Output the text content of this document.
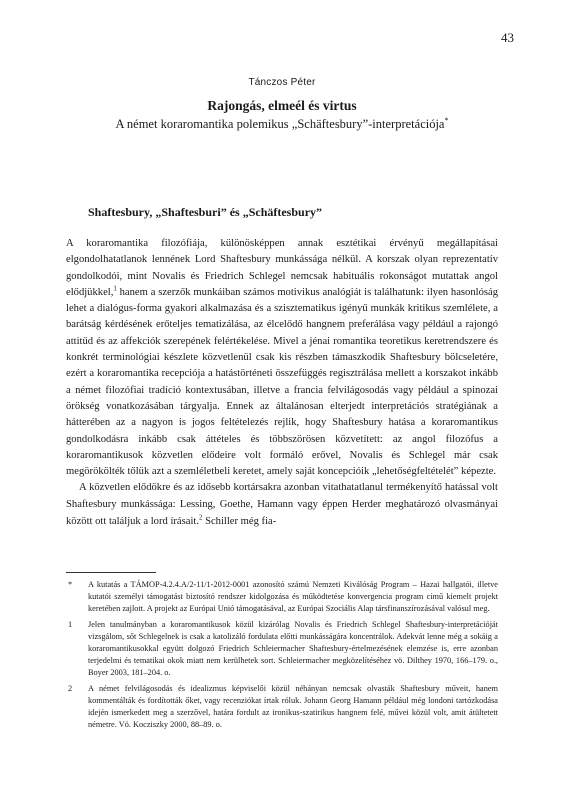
43
Tánczos Péter
Rajongás, elmeél és virtus
A német koraromantika polemikus „Schäftesbury”-interpretációja*
Shaftesbury, „Shaftesburi” és „Schäftesbury”

A koraromantika filozófiája, különösképpen annak esztétikai érvényű megállapításai elgondolhatatlanok lennének Lord Shaftesbury munkássága nélkül. A korszak olyan reprezentatív gondolkodói, mint Novalis és Friedrich Schlegel nemcsak habituális rokonságot mutattak angol elődjükkel,$^1$ hanem a szerzők munkáiban számos motivikus analógiát is találhatunk: ilyen hasonlóság lehet a dialógus-forma gyakori alkalmazása és a szisztematikus igényű munkák kritikus szemlélete, a barátság kérdésének erőteljes tematizálása, az élcelődő hangnem preferálása vagy például a rajongó attitűd és az affekciók szerepének felértékelése. Mivel a jénai romantika teoretikus keretrendszere és konkrét terminológiai készlete közvetlenül csak kis részben támaszkodik Shaftesbury bölcseletére, ezért a koraromantika recepciója a hatástörténeti összefüggés regisztrálása mellett a korszakot inkább a német filozófiai tradíció kontextusában, illetve a francia felvilágosodás vagy például a spinozai örökség vonatkozásában tárgyalja. Ennek az általánosan elterjedt interpretációs stratégiának a hátterében az a nagyon is jogos feltételezés rejlik, hogy Shaftesbury hatása a koraromantikus gondolkodásra inkább csak áttételes és többszörösen közvetített: az angol filozófus a koraromantikusok közvetlen elődeire volt formáló erővel, Novalis és Schlegel már csak megörökölték tőlük azt a szemléletbeli keretet, amely saját koncepcióik „lehetőségfeltételét” képezte.

A közvetlen elődökre és az idősebb kortársakra azonban vitathatatlanul termékenyítő hatással volt Shaftesbury munkássága: Lessing, Goethe, Hamann vagy éppen Herder meghatározó olvasmányai között ott találjuk a lord írásait.$^2$ Schiller még fia-

*	A kutatás a TÁMOP-4.2.4.A/2-11/1-2012-0001 azonosító számú Nemzeti Kiválóság Program – Hazai hallgatói, illetve kutatói személyi támogatást biztosító rendszer kidolgozása és működtetése konvergencia program című kiemelt projekt keretében zajlott. A projekt az Európai Unió támogatásával, az Európai Szociális Alap társfinanszírozásával valósul meg.
1	Jelen tanulmányban a koraromantikusok közül kizárólag Novalis és Friedrich Schlegel Shaftesbury-interpretációját vizsgálom, sőt Schlegelnek is csak a katolizáló fordulata előtti munkásságára koncentrálok. Adekvát lenne még a sokáig a koraromantikusokkal együtt dolgozó Friedrich Schleiermacher Shaftesbury-értelmezésének elemzése is, erre azonban terjedelmi és tematikai okok miatt nem kerülhetek sort. Schleiermacher megközelítéséhez vö. Dilthey 1970, 166–179. o., Boyer 2003, 181–204. o.
2	A német felvilágosodás és idealizmus képviselői közül néhányan nemcsak olvasták Shaftesbury műveit, hanem kommentálták és fordították őket, vagy recenziókat írtak róluk. Johann Georg Hamann például még londoni tartózkodása idején ismerkedett meg a szerzővel, határa fordult az ironikus-szatirikus hangnem felé, művei közül volt, amit átültetett németre. Vö. Kocziszky 2000, 88–89. o.
